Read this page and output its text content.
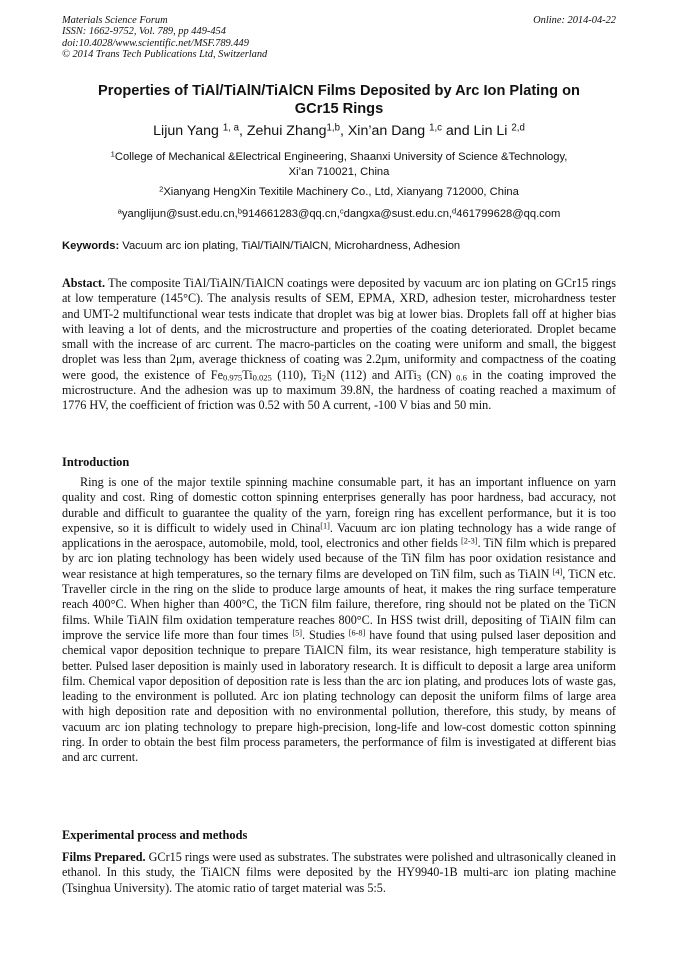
Materials Science Forum
ISSN: 1662-9752, Vol. 789, pp 449-454
doi:10.4028/www.scientific.net/MSF.789.449
© 2014 Trans Tech Publications Ltd, Switzerland
Online: 2014-04-22
Properties of TiAl/TiAlN/TiAlCN Films Deposited by Arc Ion Plating on
GCr15 Rings
Lijun Yang $^{1, a}$, Zehui Zhang$^{1,b}$, Xin’an Dang $^{1,c}$ and Lin Li $^{2,d}$
$^1$College of Mechanical &Electrical Engineering, Shaanxi University of Science &Technology,
Xi’an 710021, China
$^2$Xianyang HengXin Texitile Machinery Co., Ltd, Xianyang 712000, China
$^a$yanglijun@sust.edu.cn,$^b$914661283@qq.cn,$^c$dangxa@sust.edu.cn,$^d$461799628@qq.com
Keywords: Vacuum arc ion plating, TiAl/TiAlN/TiAlCN, Microhardness, Adhesion

Abstact. The composite TiAl/TiAlN/TiAlCN coatings were deposited by vacuum arc ion plating on GCr15 rings at low temperature (145°C). The analysis results of SEM, EPMA, XRD, adhesion tester, microhardness tester and UMT-2 multifunctional wear tests indicate that droplet was big at lower bias. Droplets fall off at higher bias with leaving a lot of dents, and the microstructure and properties of the coating deteriorated. Droplet became small with the increase of arc current. The macro-particles on the coating were uniform and small, the biggest droplet was less than 2μm, average thickness of coating was 2.2μm, uniformity and compactness of the coating were good, the existence of $Fe_{0.975}Ti_{0.025}$ (110), $Ti_2N$ (112) and AlTi$_3$ (CN) $_{0.6}$ in the coating improved the microstructure. And the adhesion was up to maximum 39.8N, the hardness of coating reached a maximum of 1776 HV, the coefficient of friction was 0.52 with 50 A current, -100 V bias and 50 min.

Introduction

Ring is one of the major textile spinning machine consumable part, it has an important influence on yarn quality and cost. Ring of domestic cotton spinning enterprises generally has poor hardness, bad accuracy, not durable and difficult to guarantee the quality of the yarn, foreign ring has excellent performance, but it is too expensive, so it is difficult to widely used in China[1]. Vacuum arc ion plating technology has a wide range of applications in the aerospace, automobile, mold, tool, electronics and other fields [2-3]. TiN film which is prepared by arc ion plating technology has been widely used because of the TiN film has poor oxidation resistance and wear resistance at high temperatures, so the ternary films are developed on TiN film, such as TiAlN [4], TiCN etc. Traveller circle in the ring on the slide to produce large amounts of heat, it makes the ring surface temperature reach 400°C. When higher than 400°C, the TiCN film failure, therefore, ring should not be plated on the TiCN films. While TiAlN film oxidation temperature reaches 800°C. In HSS twist drill, depositing of TiAlN film can improve the service life more than four times [5]. Studies [6-8] have found that using pulsed laser deposition and chemical vapor deposition technique to prepare TiAlCN film, its wear resistance, high temperature stability is better. Pulsed laser deposition is mainly used in laboratory research. It is difficult to deposit a large area uniform film. Chemical vapor deposition of deposition rate is less than the arc ion plating, and produces lots of waste gas, leading to the environment is polluted. Arc ion plating technology can deposit the uniform films of large area with high deposition rate and deposition with no environmental pollution, therefore, this study, by means of vacuum arc ion plating technology to prepare high-precision, long-life and low-cost domestic cotton spinning ring. In order to obtain the best film process parameters, the performance of film is investigated at different bias and arc current.

Experimental process and methods

Films Prepared. GCr15 rings were used as substrates. The substrates were polished and ultrasonically cleaned in ethanol. In this study, the TiAlCN films were deposited by the HY9940-1B multi-arc ion plating machine (Tsinghua University). The atomic ratio of target material was 5:5.
